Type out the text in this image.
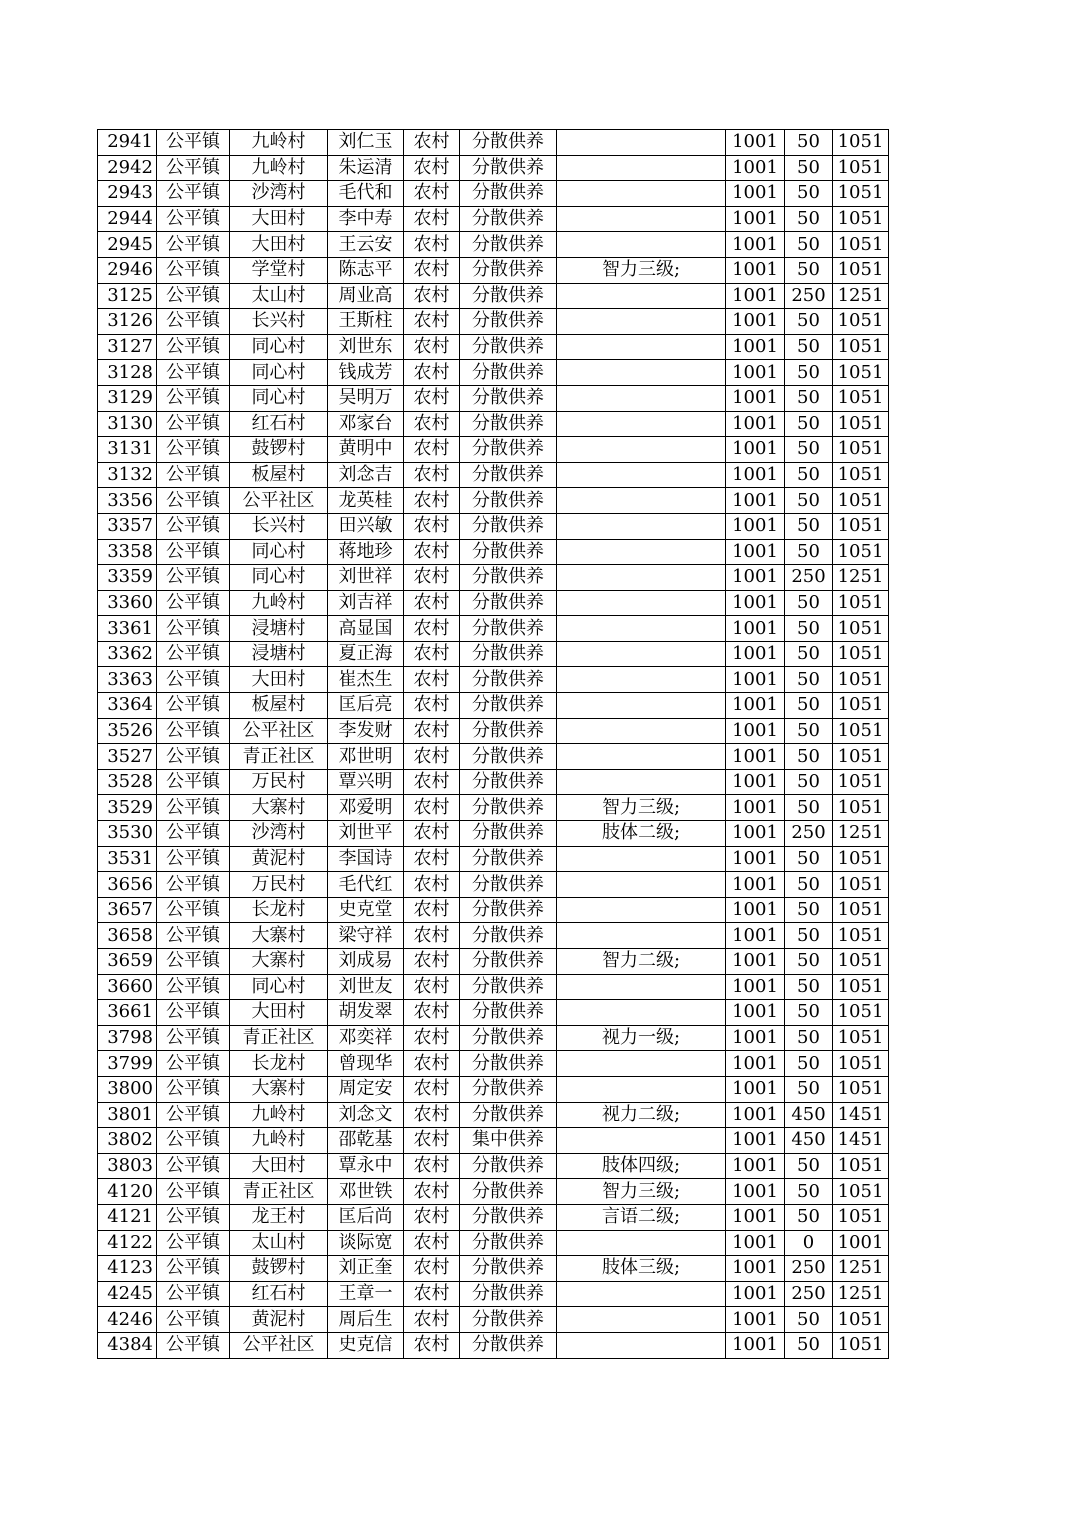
2941	公平镇	九岭村	刘仁玉	农村	分散供养		1001	50	1051
2942	公平镇	九岭村	朱运清	农村	分散供养		1001	50	1051
2943	公平镇	沙湾村	毛代和	农村	分散供养		1001	50	1051
2944	公平镇	大田村	李中寿	农村	分散供养		1001	50	1051
2945	公平镇	大田村	王云安	农村	分散供养		1001	50	1051
2946	公平镇	学堂村	陈志平	农村	分散供养	智力三级;	1001	50	1051
3125	公平镇	太山村	周业高	农村	分散供养		1001	250	1251
3126	公平镇	长兴村	王斯柱	农村	分散供养		1001	50	1051
3127	公平镇	同心村	刘世东	农村	分散供养		1001	50	1051
3128	公平镇	同心村	钱成芳	农村	分散供养		1001	50	1051
3129	公平镇	同心村	吴明万	农村	分散供养		1001	50	1051
3130	公平镇	红石村	邓家台	农村	分散供养		1001	50	1051
3131	公平镇	鼓锣村	黄明中	农村	分散供养		1001	50	1051
3132	公平镇	板屋村	刘念吉	农村	分散供养		1001	50	1051
3356	公平镇	公平社区	龙英桂	农村	分散供养		1001	50	1051
3357	公平镇	长兴村	田兴敏	农村	分散供养		1001	50	1051
3358	公平镇	同心村	蒋地珍	农村	分散供养		1001	50	1051
3359	公平镇	同心村	刘世祥	农村	分散供养		1001	250	1251
3360	公平镇	九岭村	刘吉祥	农村	分散供养		1001	50	1051
3361	公平镇	浸塘村	高显国	农村	分散供养		1001	50	1051
3362	公平镇	浸塘村	夏正海	农村	分散供养		1001	50	1051
3363	公平镇	大田村	崔杰生	农村	分散供养		1001	50	1051
3364	公平镇	板屋村	匡后亮	农村	分散供养		1001	50	1051
3526	公平镇	公平社区	李发财	农村	分散供养		1001	50	1051
3527	公平镇	青正社区	邓世明	农村	分散供养		1001	50	1051
3528	公平镇	万民村	覃兴明	农村	分散供养		1001	50	1051
3529	公平镇	大寨村	邓爱明	农村	分散供养	智力三级;	1001	50	1051
3530	公平镇	沙湾村	刘世平	农村	分散供养	肢体二级;	1001	250	1251
3531	公平镇	黄泥村	李国诗	农村	分散供养		1001	50	1051
3656	公平镇	万民村	毛代红	农村	分散供养		1001	50	1051
3657	公平镇	长龙村	史克堂	农村	分散供养		1001	50	1051
3658	公平镇	大寨村	梁守祥	农村	分散供养		1001	50	1051
3659	公平镇	大寨村	刘成易	农村	分散供养	智力二级;	1001	50	1051
3660	公平镇	同心村	刘世友	农村	分散供养		1001	50	1051
3661	公平镇	大田村	胡发翠	农村	分散供养		1001	50	1051
3798	公平镇	青正社区	邓奕祥	农村	分散供养	视力一级;	1001	50	1051
3799	公平镇	长龙村	曾现华	农村	分散供养		1001	50	1051
3800	公平镇	大寨村	周定安	农村	分散供养		1001	50	1051
3801	公平镇	九岭村	刘念文	农村	分散供养	视力二级;	1001	450	1451
3802	公平镇	九岭村	邵乾基	农村	集中供养		1001	450	1451
3803	公平镇	大田村	覃永中	农村	分散供养	肢体四级;	1001	50	1051
4120	公平镇	青正社区	邓世铁	农村	分散供养	智力三级;	1001	50	1051
4121	公平镇	龙王村	匡后尚	农村	分散供养	言语二级;	1001	50	1051
4122	公平镇	太山村	谈际宽	农村	分散供养		1001	0	1001
4123	公平镇	鼓锣村	刘正奎	农村	分散供养	肢体三级;	1001	250	1251
4245	公平镇	红石村	王章一	农村	分散供养		1001	250	1251
4246	公平镇	黄泥村	周后生	农村	分散供养		1001	50	1051
4384	公平镇	公平社区	史克信	农村	分散供养		1001	50	1051
